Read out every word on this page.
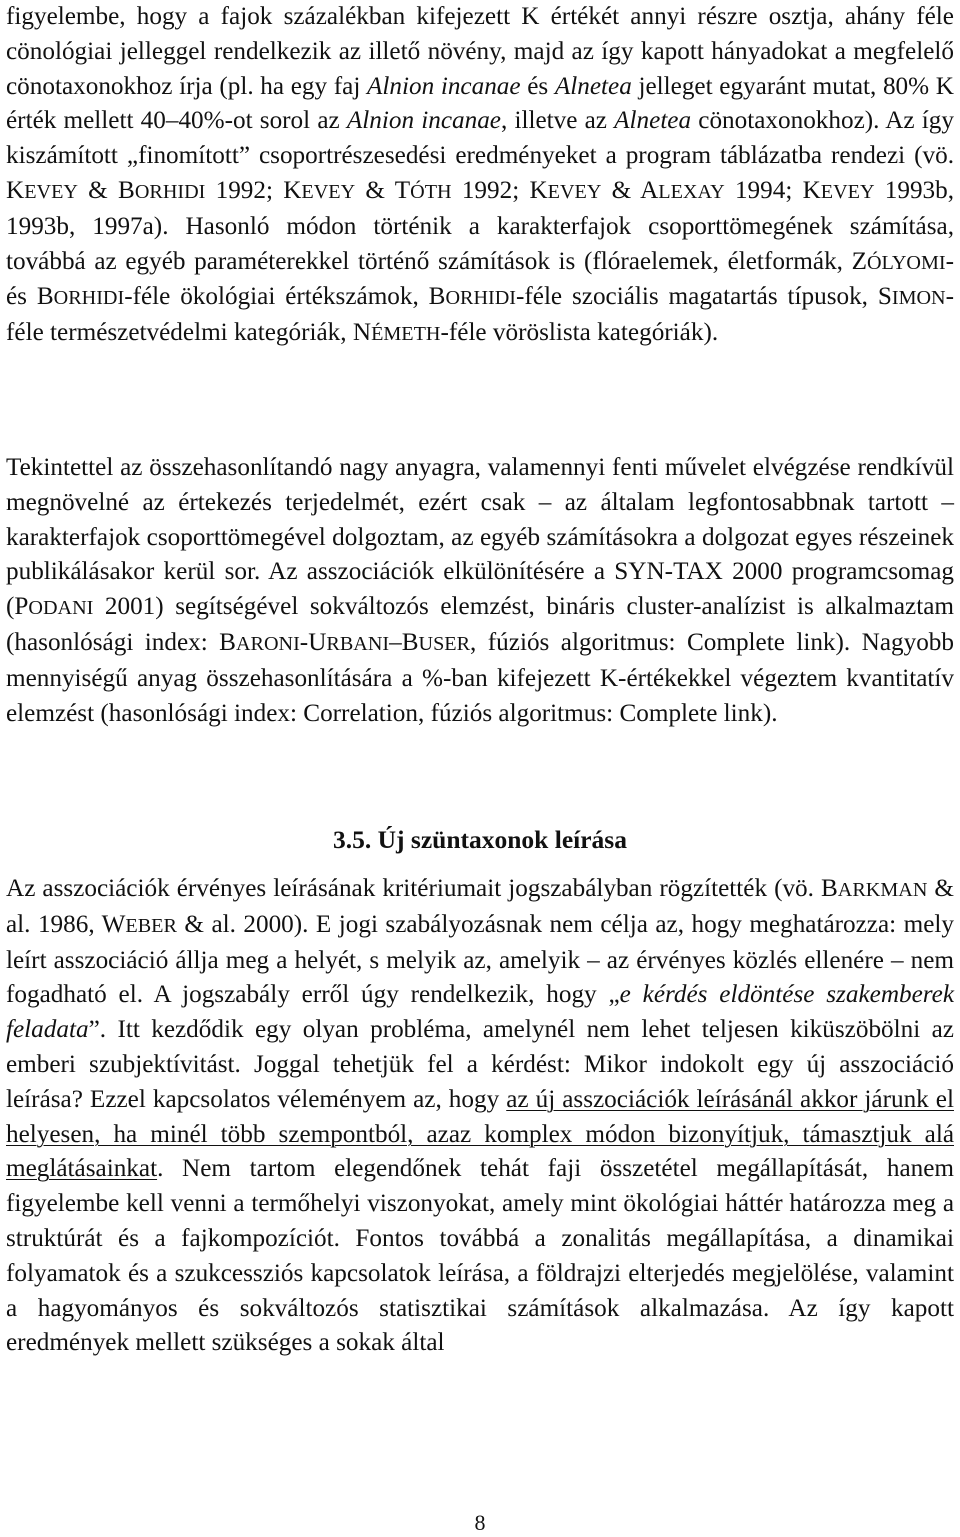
figyelembe, hogy a fajok százalékban kifejezett K értékét annyi részre osztja, ahány féle cönológiai jelleggel rendelkezik az illető növény, majd az így kapott hányadokat a megfelelő cönotaxonokhoz írja (pl. ha egy faj Alnion incanae és Alnetea jelleget egyaránt mutat, 80% K érték mellett 40–40%-ot sorol az Alnion incanae, illetve az Alnetea cönotaxonokhoz). Az így kiszámított „finomított” csoportrészesedési eredményeket a program táblázatba rendezi (vö. KEVEY & BORHIDI 1992; KEVEY & TÓTH 1992; KEVEY & ALEXAY 1994; KEVEY 1993b, 1993b, 1997a). Hasonló módon történik a karakterfajok csoporttömegének számítása, továbbá az egyéb paraméterekkel történő számítások is (flóraelemek, életformák, ZÓLYOMI- és BORHIDI-féle ökológiai értékszámok, BORHIDI-féle szociális magatartás típusok, SIMON-féle természetvédelmi kategóriák, NÉMETH-féle vöröslista kategóriák).

Tekintettel az összehasonlítandó nagy anyagra, valamennyi fenti művelet elvégzése rendkívül megnövelné az értekezés terjedelmét, ezért csak – az általam legfontosabbnak tartott – karakterfajok csoporttömegével dolgoztam, az egyéb számításokra a dolgozat egyes részeinek publikálásakor kerül sor. Az asszociációk elkülönítésére a SYN-TAX 2000 programcsomag (PODANI 2001) segítségével sokváltozós elemzést, bináris cluster-analízist is alkalmaztam (hasonlósági index: BARONI-URBANI–BUSER, fúziós algoritmus: Complete link). Nagyobb mennyiségű anyag összehasonlítására a %-ban kifejezett K-értékekkel végeztem kvantitatív elemzést (hasonlósági index: Correlation, fúziós algoritmus: Complete link).

3.5. Új szüntaxonok leírása

Az asszociációk érvényes leírásának kritériumait jogszabályban rögzítették (vö. BARKMAN & al. 1986, WEBER & al. 2000). E jogi szabályozásnak nem célja az, hogy meghatározza: mely leírt asszociáció állja meg a helyét, s melyik az, amelyik – az érvényes közlés ellenére – nem fogadható el. A jogszabály erről úgy rendelkezik, hogy „e kérdés eldöntése szakemberek feladata”. Itt kezdődik egy olyan probléma, amelynél nem lehet teljesen kiküszöbölni az emberi szubjektívitást. Joggal tehetjük fel a kérdést: Mikor indokolt egy új asszociáció leírása? Ezzel kapcsolatos véleményem az, hogy az új asszociációk leírásánál akkor járunk el helyesen, ha minél több szempontból, azaz komplex módon bizonyítjuk, támasztjuk alá meglátásainkat. Nem tartom elegendőnek tehát faji összetétel megállapítását, hanem figyelembe kell venni a termőhelyi viszonyokat, amely mint ökológiai háttér határozza meg a struktúrát és a fajkompozíciót. Fontos továbbá a zonalitás megállapítása, a dinamikai folyamatok és a szukcessziós kapcsolatok leírása, a földrajzi elterjedés megjelölése, valamint a hagyományos és sokváltozós statisztikai számítások alkalmazása. Az így kapott eredmények mellett szükséges a sokak által

8
